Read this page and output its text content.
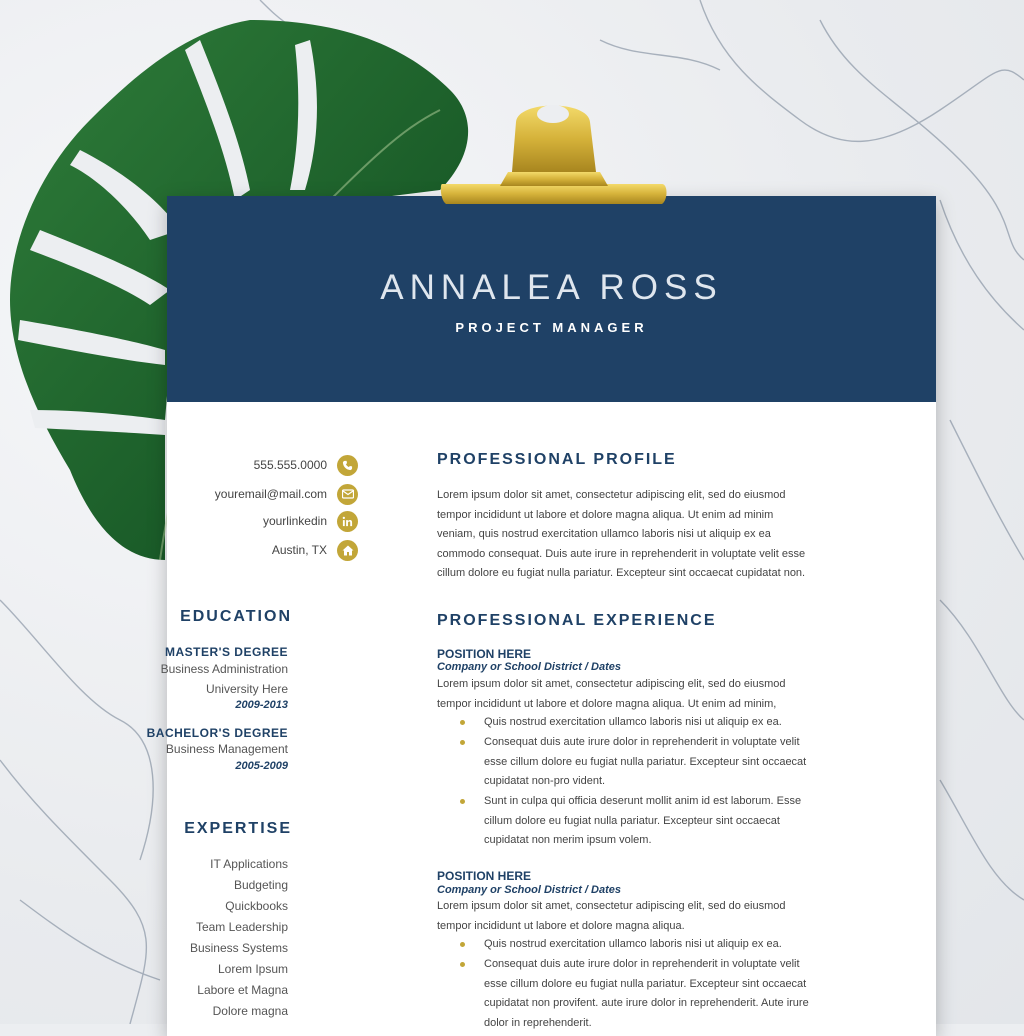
ANNALEA ROSS
PROJECT MANAGER
555.555.0000
youremail@mail.com
yourlinkedin
Austin, TX
EDUCATION
MASTER'S DEGREE
Business Administration
University Here
2009-2013
BACHELOR'S DEGREE
Business Management
2005-2009
EXPERTISE
IT Applications
Budgeting
Quickbooks
Team Leadership
Business Systems
Lorem Ipsum
Labore et Magna
Dolore magna
PROFESSIONAL PROFILE
Lorem ipsum dolor sit amet, consectetur adipiscing elit, sed do eiusmod
tempor incididunt ut labore et dolore magna aliqua. Ut enim ad minim
veniam, quis nostrud exercitation ullamco laboris nisi ut aliquip ex ea
commodo consequat. Duis aute irure in reprehenderit in voluptate velit esse
cillum dolore eu fugiat nulla pariatur. Excepteur sint occaecat cupidatat non.
PROFESSIONAL EXPERIENCE
POSITION HERE
Company or School District / Dates
Lorem ipsum dolor sit amet, consectetur adipiscing elit, sed do eiusmod
tempor incididunt ut labore et dolore magna aliqua. Ut enim ad minim,
Quis nostrud exercitation ullamco laboris nisi ut aliquip ex ea.
Consequat duis aute irure dolor in reprehenderit in voluptate velit
esse cillum dolore eu fugiat nulla pariatur. Excepteur sint occaecat
cupidatat non-pro vident.
Sunt in culpa qui officia deserunt mollit anim id est laborum. Esse
cillum dolore eu fugiat nulla pariatur. Excepteur sint occaecat
cupidatat non merim ipsum volem.
POSITION HERE
Company or School District / Dates
Lorem ipsum dolor sit amet, consectetur adipiscing elit, sed do eiusmod
tempor incididunt ut labore et dolore magna aliqua.
Quis nostrud exercitation ullamco laboris nisi ut aliquip ex ea.
Consequat duis aute irure dolor in reprehenderit in voluptate velit
esse cillum dolore eu fugiat nulla pariatur. Excepteur sint occaecat
cupidatat non provifent. aute irure dolor in reprehenderit. Aute irure
dolor in reprehenderit.
